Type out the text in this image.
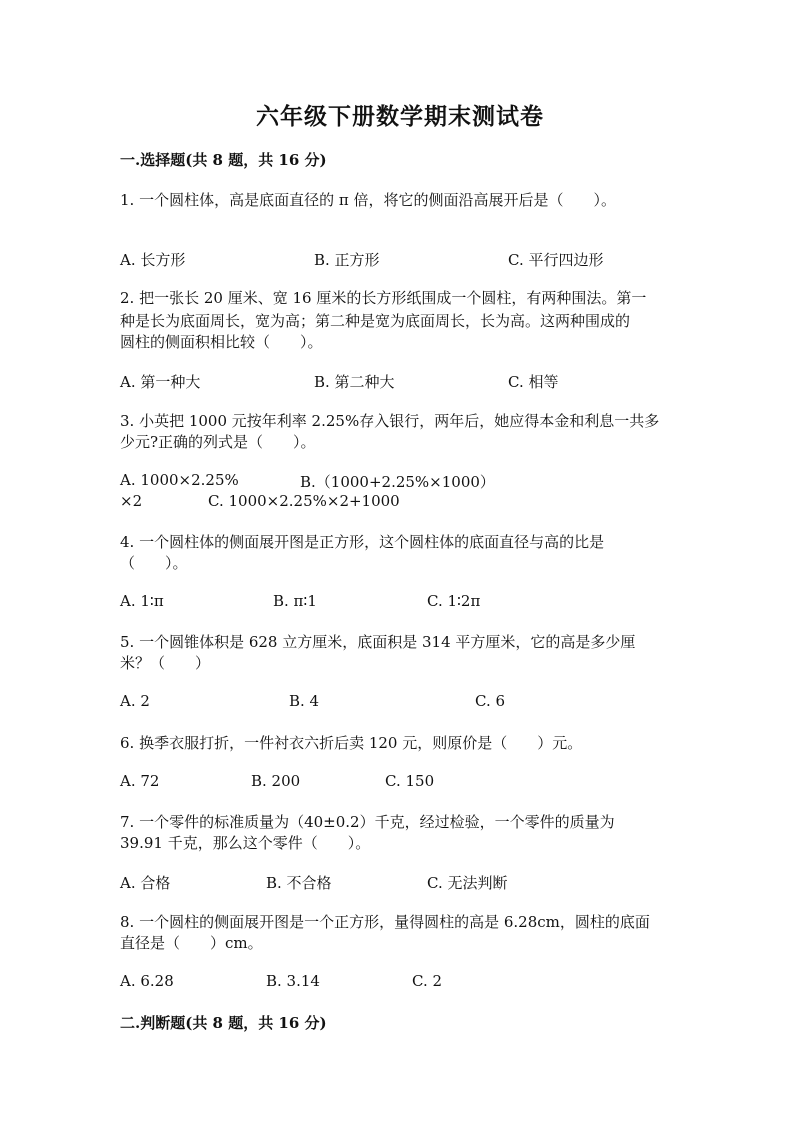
六年级下册数学期末测试卷
一.选择题(共 8 题，共 16 分)
1. 一个圆柱体，高是底面直径的 π 倍，将它的侧面沿高展开后是（　　）。
A. 长方形	B. 正方形	C. 平行四边形
2. 把一张长 20 厘米、宽 16 厘米的长方形纸围成一个圆柱，有两种围法。第一
种是长为底面周长，宽为高；第二种是宽为底面周长，长为高。这两种围成的
圆柱的侧面积相比较（　　）。
A. 第一种大	B. 第二种大	C. 相等
3. 小英把 1000 元按年利率 2.25%存入银行，两年后，她应得本金和利息一共多
少元?正确的列式是（　　）。
A. 1000×2.25%	B.（1000+2.25%×1000）
×2	C. 1000×2.25%×2+1000
4. 一个圆柱体的侧面展开图是正方形，这个圆柱体的底面直径与高的比是
（　　）。
A. 1∶π	B. π∶1	C. 1∶2π
5. 一个圆锥体积是 628 立方厘米，底面积是 314 平方厘米，它的高是多少厘
米？（　　）
A. 2	B. 4	C. 6
6. 换季衣服打折，一件衬衣六折后卖 120 元，则原价是（　　）元。
A. 72	B. 200	C. 150
7. 一个零件的标准质量为（40±0.2）千克，经过检验，一个零件的质量为
39.91 千克，那么这个零件（　　）。
A. 合格	B. 不合格	C. 无法判断
8. 一个圆柱的侧面展开图是一个正方形，量得圆柱的高是 6.28cm，圆柱的底面
直径是（　　）cm。
A. 6.28	B. 3.14	C. 2
二.判断题(共 8 题，共 16 分)
